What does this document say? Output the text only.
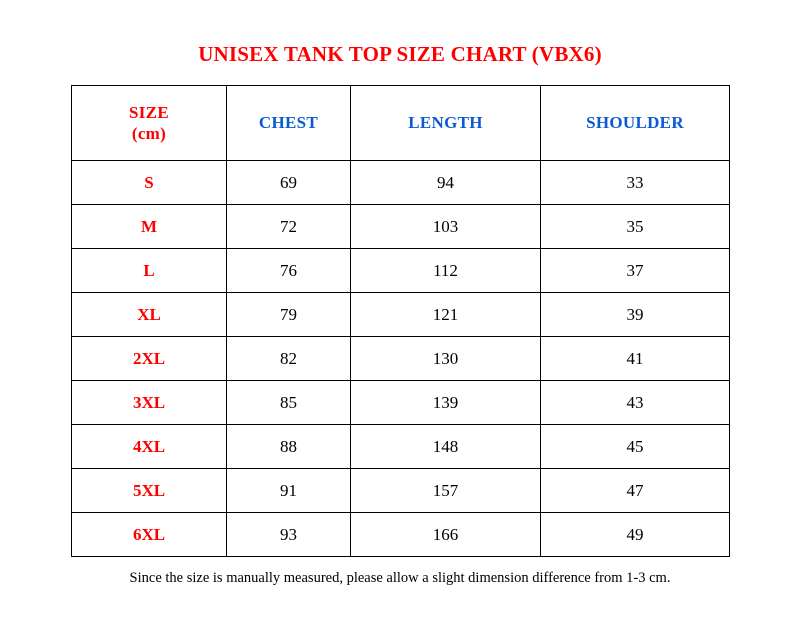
UNISEX TANK TOP SIZE CHART (VBX6)
SIZE
(cm)	CHEST	LENGTH	SHOULDER
S	69	94	33
M	72	103	35
L	76	112	37
XL	79	121	39
2XL	82	130	41
3XL	85	139	43
4XL	88	148	45
5XL	91	157	47
6XL	93	166	49
Since the size is manually measured, please allow a slight dimension difference from 1-3 cm.
